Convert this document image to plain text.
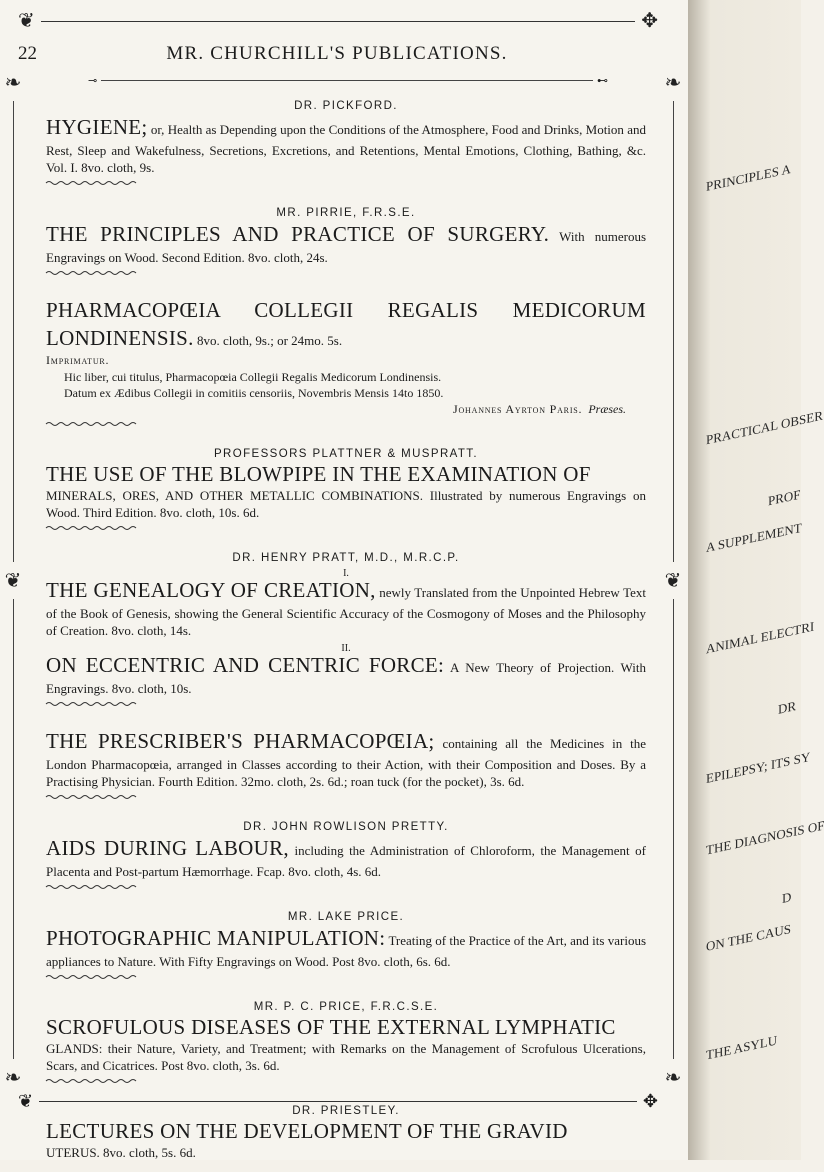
❦	✥
22	MR. CHURCHILL'S PUBLICATIONS.
⊸	⊷
❧
❦
❧
❧
❦
❧
DR. PICKFORD.
HYGIENE; or, Health as Depending upon the Conditions of the Atmosphere, Food and Drinks, Motion and Rest, Sleep and Wakefulness, Secretions, Excretions, and Retentions, Mental Emotions, Clothing, Bathing, &c. Vol. I. 8vo. cloth, 9s.
MR. PIRRIE, F.R.S.E.
THE PRINCIPLES AND PRACTICE OF SURGERY. With numerous Engravings on Wood. Second Edition. 8vo. cloth, 24s.
PHARMACOPŒIA COLLEGII REGALIS MEDICORUM LONDINENSIS. 8vo. cloth, 9s.; or 24mo. 5s.
Imprimatur.
Hic liber, cui titulus, Pharmacopœia Collegii Regalis Medicorum Londinensis.
Datum ex Ædibus Collegii in comitiis censoriis, Novembris Mensis 14to 1850.
Johannes Ayrton Paris. Præses.
PROFESSORS PLATTNER & MUSPRATT.
THE USE OF THE BLOWPIPE IN THE EXAMINATION OF
MINERALS, ORES, AND OTHER METALLIC COMBINATIONS. Illustrated by numerous Engravings on Wood. Third Edition. 8vo. cloth, 10s. 6d.
DR. HENRY PRATT, M.D., M.R.C.P.
I.
THE GENEALOGY OF CREATION, newly Translated from the Unpointed Hebrew Text of the Book of Genesis, showing the General Scientific Accuracy of the Cosmogony of Moses and the Philosophy of Creation. 8vo. cloth, 14s.
II.
ON ECCENTRIC AND CENTRIC FORCE: A New Theory of Projection. With Engravings. 8vo. cloth, 10s.
THE PRESCRIBER'S PHARMACOPŒIA; containing all the Medicines in the London Pharmacopœia, arranged in Classes according to their Action, with their Composition and Doses. By a Practising Physician. Fourth Edition. 32mo. cloth, 2s. 6d.; roan tuck (for the pocket), 3s. 6d.
DR. JOHN ROWLISON PRETTY.
AIDS DURING LABOUR, including the Administration of Chloroform, the Management of Placenta and Post-partum Hæmorrhage. Fcap. 8vo. cloth, 4s. 6d.
MR. LAKE PRICE.
PHOTOGRAPHIC MANIPULATION: Treating of the Practice of the Art, and its various appliances to Nature. With Fifty Engravings on Wood. Post 8vo. cloth, 6s. 6d.
MR. P. C. PRICE, F.R.C.S.E.
SCROFULOUS DISEASES OF THE EXTERNAL LYMPHATIC
GLANDS: their Nature, Variety, and Treatment; with Remarks on the Management of Scrofulous Ulcerations, Scars, and Cicatrices. Post 8vo. cloth, 3s. 6d.
DR. PRIESTLEY.
LECTURES ON THE DEVELOPMENT OF THE GRAVID
UTERUS. 8vo. cloth, 5s. 6d.
❦	✥
PRINCIPLES A
PRACTICAL OBSER
PROF
A SUPPLEMENT
ANIMAL ELECTRI
DR
EPILEPSY; ITS SY
THE DIAGNOSIS OF
D
ON THE CAUS
THE ASYLU
